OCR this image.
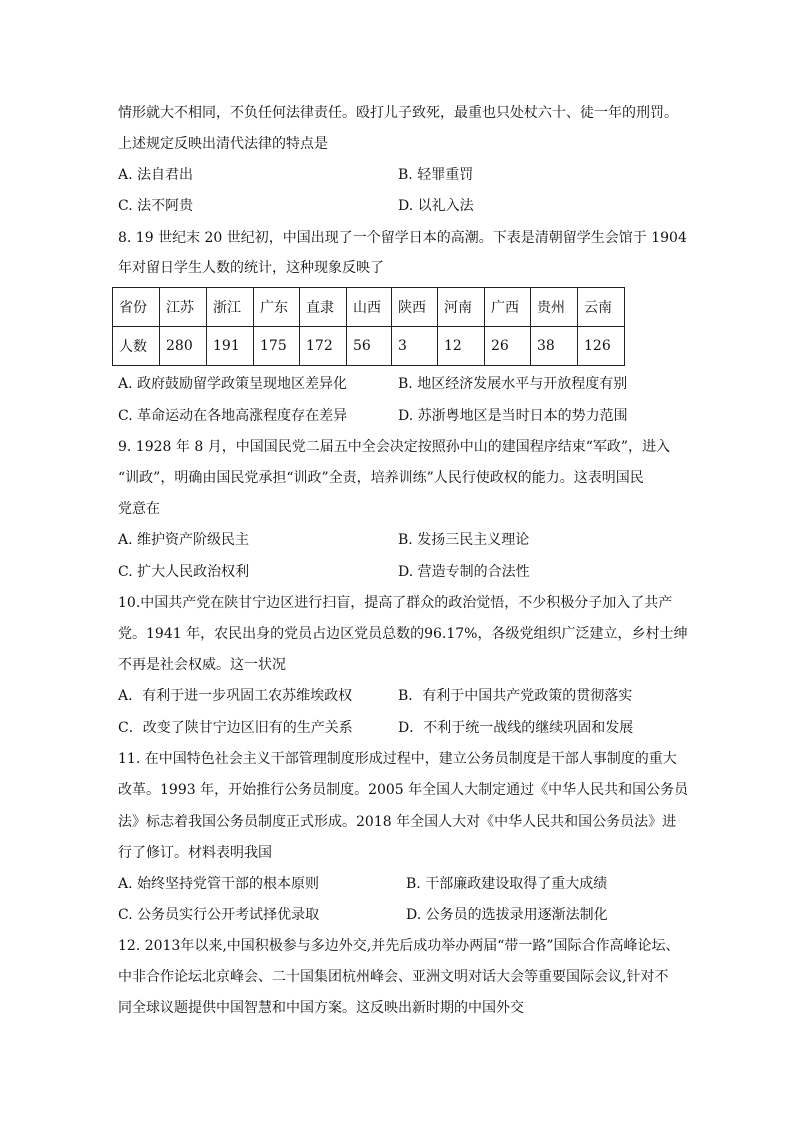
情形就大不相同，不负任何法律责任。殴打儿子致死，最重也只处杖六十、徒一年的刑罚。
上述规定反映出清代法律的特点是
A. 法自君出	B. 轻罪重罚
C. 法不阿贵	D. 以礼入法
8. 19 世纪末 20 世纪初，中国出现了一个留学日本的高潮。下表是清朝留学生会馆于 1904
年对留日学生人数的统计，这种现象反映了
省份	江苏	浙江	广东	直隶	山西	陕西	河南	广西	贵州	云南
人数	280	191	175	172	56	3	12	26	38	126
A. 政府鼓励留学政策呈现地区差异化	B. 地区经济发展水平与开放程度有别
C. 革命运动在各地高涨程度存在差异	D. 苏浙粤地区是当时日本的势力范围
9. 1928 年 8 月，中国国民党二届五中全会决定按照孙中山的建国程序结束“军政”，进入
“训政”，明确由国民党承担“训政”全责，培养训练”人民行使政权的能力。这表明国民
党意在
A. 维护资产阶级民主	B. 发扬三民主义理论
C. 扩大人民政治权利	D. 营造专制的合法性
10.中国共产党在陕甘宁边区进行扫盲，提高了群众的政治觉悟，不少积极分子加入了共产
党。1941 年，农民出身的党员占边区党员总数的96.17%，各级党组织广泛建立，乡村士绅
不再是社会权威。这一状况
A．有利于进一步巩固工农苏维埃政权	B．有利于中国共产党政策的贯彻落实
C．改变了陕甘宁边区旧有的生产关系	D．不利于统一战线的继续巩固和发展
11. 在中国特色社会主义干部管理制度形成过程中，建立公务员制度是干部人事制度的重大
改革。1993 年，开始推行公务员制度。2005 年全国人大制定通过《中华人民共和国公务员
法》标志着我国公务员制度正式形成。2018 年全国人大对《中华人民共和国公务员法》进
行了修订。材料表明我国
A. 始终坚持党管干部的根本原则	B. 干部廉政建设取得了重大成绩
C. 公务员实行公开考试择优录取	D. 公务员的选拔录用逐渐法制化
12. 2013年以来,中国积极参与多边外交,并先后成功举办两届“带一路”国际合作高峰论坛、
中非合作论坛北京峰会、二十国集团杭州峰会、亚洲文明对话大会等重要国际会议,针对不
同全球议题提供中国智慧和中国方案。这反映出新时期的中国外交
